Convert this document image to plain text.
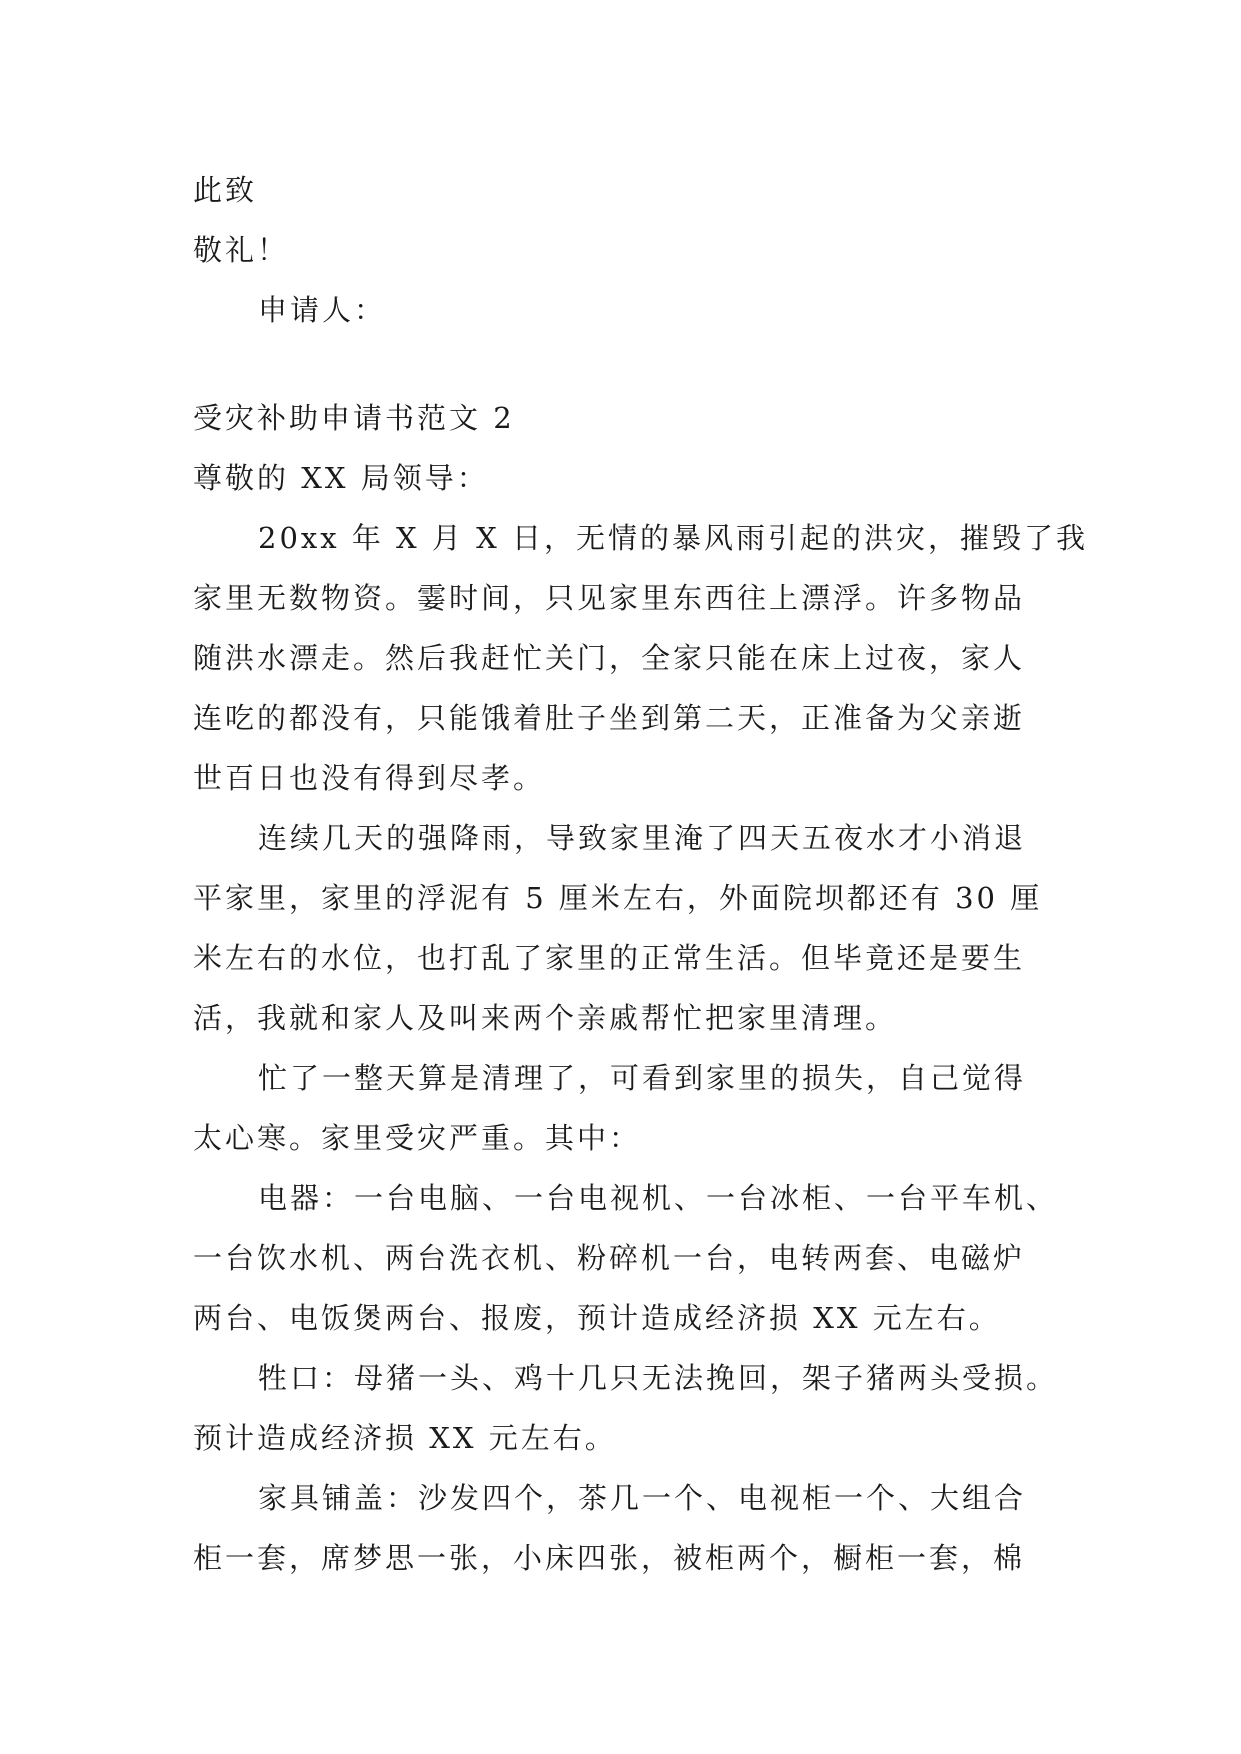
此致
敬礼！
申请人：
受灾补助申请书范文 2
尊敬的 XX 局领导：
20xx 年 X 月 X 日，无情的暴风雨引起的洪灾，摧毁了我
家里无数物资。霎时间，只见家里东西往上漂浮。许多物品
随洪水漂走。然后我赶忙关门，全家只能在床上过夜，家人
连吃的都没有，只能饿着肚子坐到第二天，正准备为父亲逝
世百日也没有得到尽孝。
连续几天的强降雨，导致家里淹了四天五夜水才小消退
平家里，家里的浮泥有 5 厘米左右，外面院坝都还有 30 厘
米左右的水位，也打乱了家里的正常生活。但毕竟还是要生
活，我就和家人及叫来两个亲戚帮忙把家里清理。
忙了一整天算是清理了，可看到家里的损失，自己觉得
太心寒。家里受灾严重。其中：
电器：一台电脑、一台电视机、一台冰柜、一台平车机、
一台饮水机、两台洗衣机、粉碎机一台，电转两套、电磁炉
两台、电饭煲两台、报废，预计造成经济损 XX 元左右。
牲口：母猪一头、鸡十几只无法挽回，架子猪两头受损。
预计造成经济损 XX 元左右。
家具铺盖：沙发四个，茶几一个、电视柜一个、大组合
柜一套，席梦思一张，小床四张，被柜两个，橱柜一套，棉
